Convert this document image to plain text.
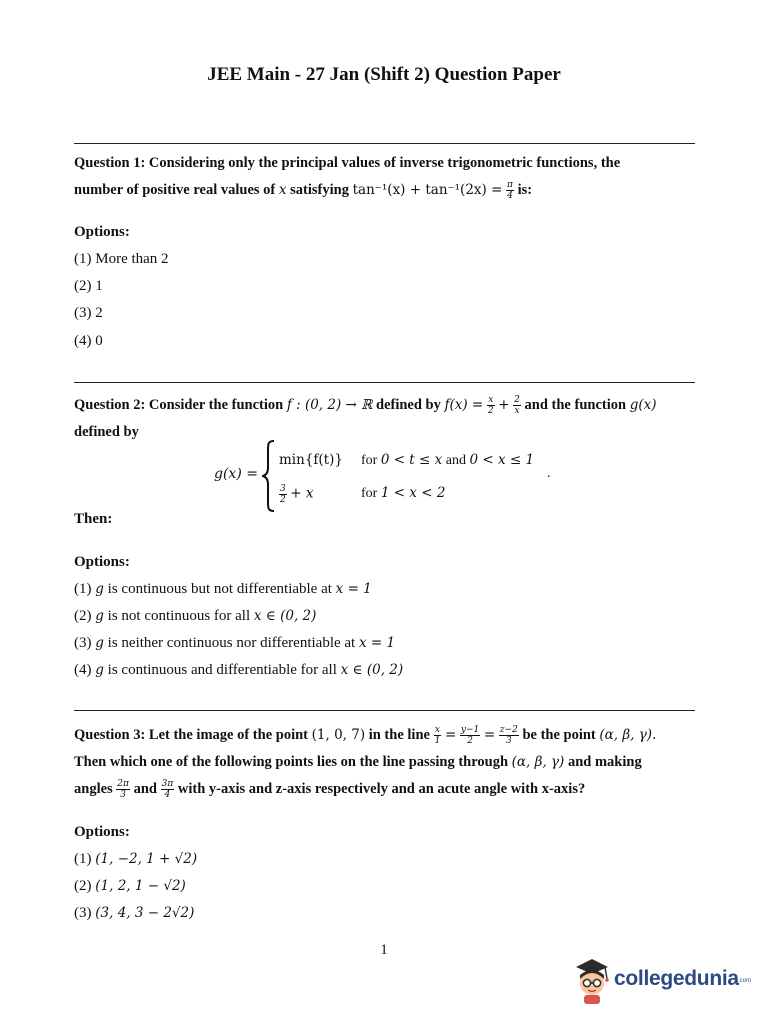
JEE Main - 27 Jan (Shift 2) Question Paper
Question 1: Considering only the principal values of inverse trigonometric functions, the
number of positive real values of x satisfying $\tan^{-1}(x) + \tan^{-1}(2x) = \frac{\pi}{4}$ is:
Options:
(1) More than 2
(2) 1
(3) 2
(4) 0
Question 2: Consider the function f : (0, 2) → ℝ defined by $f(x) = \frac{x}{2} + \frac{2}{x}$ and the function g(x)
defined by
g(x) =
min{f(t)} for 0 < t ≤ x and 0 < x ≤ 1
.
$\frac{3}{2} + x$	for 1 < x < 2
Then:
Options:
(1) g is continuous but not differentiable at x = 1
(2) g is not continuous for all x ∈ (0, 2)
(3) g is neither continuous nor differentiable at x = 1
(4) g is continuous and differentiable for all x ∈ (0, 2)
Question 3: Let the image of the point (1, 0, 7) in the line $\frac{x}{1} = \frac{y-1}{2} = \frac{z-2}{3}$ be the point (α, β, γ).
Then which one of the following points lies on the line passing through (α, β, γ) and making
angles $\frac{2\pi}{3}$ and $\frac{3\pi}{4}$ with y-axis and z-axis respectively and an acute angle with x-axis?
Options:
(1) (1, −2, 1 + √2)
(2) (1, 2, 1 − √2)
(3) (3, 4, 3 − 2√2)
1
collegedunia .com
